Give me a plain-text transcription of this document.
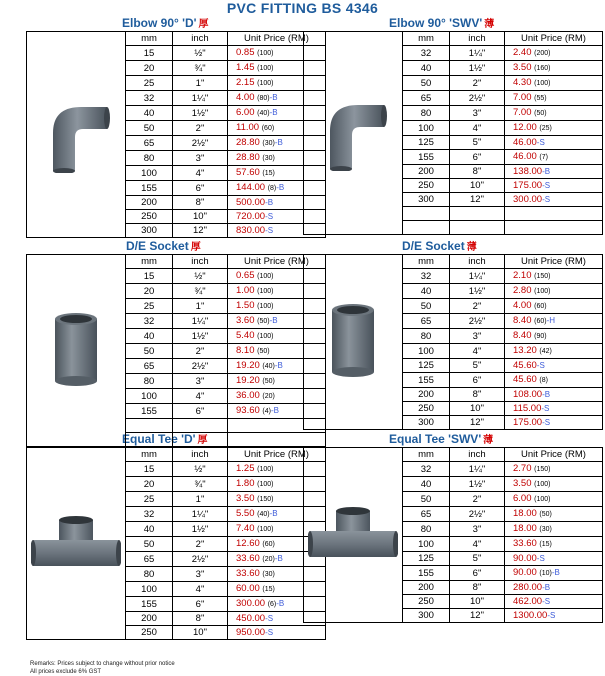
PVC FITTING BS 4346
Elbow 90° 'D' 厚	Elbow 90° 'SWV' 薄
D/E Socket 厚	D/E Socket 薄
Equal Tee 'D' 厚	Equal Tee 'SWV' 薄
	mm	inch	Unit Price (RM)
	15	½"	0.85 (100)
	20	¾"	1.45 (100)
	25	1"	2.15 (100)
	32	1¼"	4.00 (80)-B
	40	1½"	6.00 (40)-B
	50	2"	11.00 (60)
	65	2½"	28.80 (30)-B
	80	3"	28.80 (30)
	100	4"	57.60 (15)
	155	6"	144.00 (8)-B
	200	8"	500.00-B
	250	10"	720.00-S
	300	12"	830.00-S
	mm	inch	Unit Price (RM)
	32	1¼"	2.40 (200)
	40	1½"	3.50 (160)
	50	2"	4.30 (100)
	65	2½"	7.00 (55)
	80	3"	7.00 (50)
	100	4"	12.00 (25)
	125	5"	46.00-S
	155	6"	46.00 (7)
	200	8"	138.00-B
	250	10"	175.00-S
	300	12"	300.00-S

	mm	inch	Unit Price (RM)
	15	½"	0.65 (100)
	20	¾"	1.00 (100)
	25	1"	1.50 (100)
	32	1¼"	3.60 (50)-B
	40	1½"	5.40 (100)
	50	2"	8.10 (50)
	65	2½"	19.20 (40)-B
	80	3"	19.20 (50)
	100	4"	36.00 (20)
	155	6"	93.60 (4)-B

	mm	inch	Unit Price (RM)
	32	1¼"	2.10 (150)
	40	1½"	2.80 (100)
	50	2"	4.00 (60)
	65	2½"	8.40 (60)-H
	80	3"	8.40 (90)
	100	4"	13.20 (42)
	125	5"	45.60-S
	155	6"	45.60 (8)
	200	8"	108.00-B
	250	10"	115.00-S
	300	12"	175.00-S
	mm	inch	Unit Price (RM)
	15	½"	1.25 (100)
	20	¾"	1.80 (100)
	25	1"	3.50 (150)
	32	1¼"	5.50 (40)-B
	40	1½"	7.40 (100)
	50	2"	12.60 (60)
	65	2½"	33.60 (20)-B
	80	3"	33.60 (30)
	100	4"	60.00 (15)
	155	6"	300.00 (6)-B
	200	8"	450.00-S
	250	10"	950.00-S
	mm	inch	Unit Price (RM)
	32	1¼"	2.70 (150)
	40	1½"	3.50 (100)
	50	2"	6.00 (100)
	65	2½"	18.00 (50)
	80	3"	18.00 (30)
	100	4"	33.60 (15)
	125	5"	90.00-S
	155	6"	90.00 (10)-B
	200	8"	280.00-B
	250	10"	462.00-S
	300	12"	1300.00-S
Remarks: Prices subject to change without prior notice
All prices exclude 6% GST
